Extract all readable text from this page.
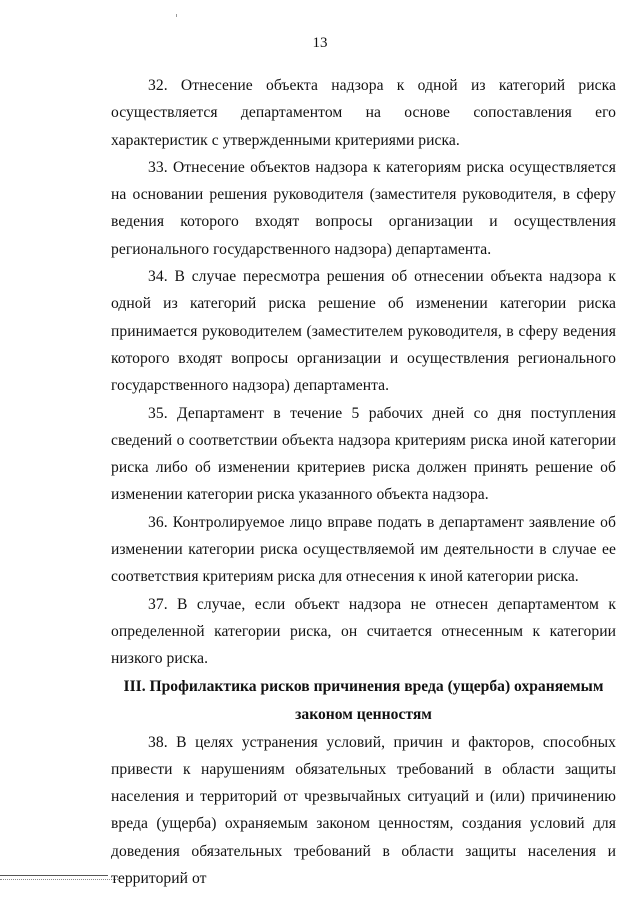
13

32. Отнесение объекта надзора к одной из категорий риска осуществляется департаментом на основе сопоставления его характеристик с утвержденными критериями риска.

33. Отнесение объектов надзора к категориям риска осуществляется на основании решения руководителя (заместителя руководителя, в сферу ведения которого входят вопросы организации и осуществления регионального государственного надзора) департамента.

34. В случае пересмотра решения об отнесении объекта надзора к одной из категорий риска решение об изменении категории риска принимается руководителем (заместителем руководителя, в сферу ведения которого входят вопросы организации и осуществления регионального государственного надзора) департамента.

35. Департамент в течение 5 рабочих дней со дня поступления сведений о соответствии объекта надзора критериям риска иной категории риска либо об изменении критериев риска должен принять решение об изменении категории риска указанного объекта надзора.

36. Контролируемое лицо вправе подать в департамент заявление об изменении категории риска осуществляемой им деятельности в случае ее соответствия критериям риска для отнесения к иной категории риска.

37. В случае, если объект надзора не отнесен департаментом к определенной категории риска, он считается отнесенным к категории низкого риска.

III. Профилактика рисков причинения вреда (ущерба) охраняемым законом ценностям

38. В целях устранения условий, причин и факторов, способных привести к нарушениям обязательных требований в области защиты населения и территорий от чрезвычайных ситуаций и (или) причинению вреда (ущерба) охраняемым законом ценностям, создания условий для доведения обязательных требований в области защиты населения и территорий от
